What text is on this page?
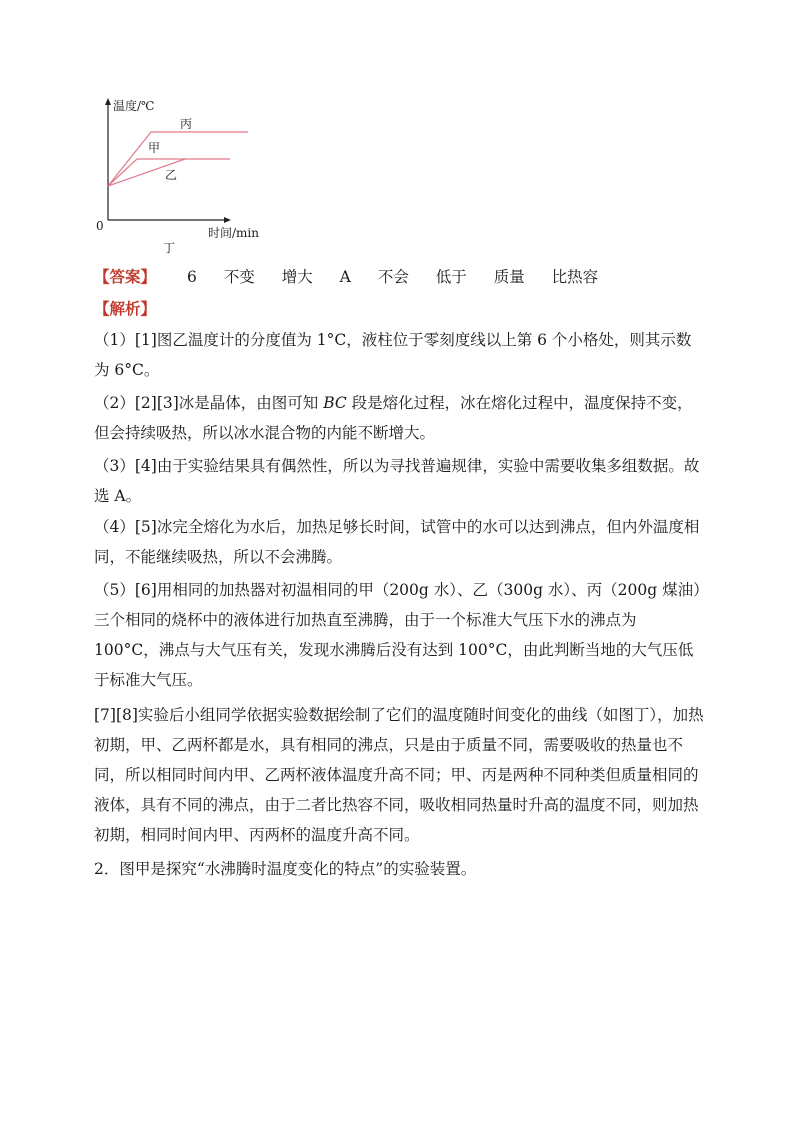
温度/℃
丙
甲
乙
0	时间/min
丁
【答案】 6 不变 增大 A 不会 低于 质量 比热容
【解析】

（1）[1]图乙温度计的分度值为 1°C，液柱位于零刻度线以上第 6 个小格处，则其示数为 6°C。

（2）[2][3]冰是晶体，由图可知 BC 段是熔化过程，冰在熔化过程中，温度保持不变，但会持续吸热，所以冰水混合物的内能不断增大。

（3）[4]由于实验结果具有偶然性，所以为寻找普遍规律，实验中需要收集多组数据。故选 A。

（4）[5]冰完全熔化为水后，加热足够长时间，试管中的水可以达到沸点，但内外温度相同，不能继续吸热，所以不会沸腾。

（5）[6]用相同的加热器对初温相同的甲（200g 水）、乙（300g 水）、丙（200g 煤油）三个相同的烧杯中的液体进行加热直至沸腾，由于一个标准大气压下水的沸点为 100°C，沸点与大气压有关，发现水沸腾后没有达到 100°C，由此判断当地的大气压低于标准大气压。

[7][8]实验后小组同学依据实验数据绘制了它们的温度随时间变化的曲线（如图丁），加热初期，甲、乙两杯都是水，具有相同的沸点，只是由于质量不同，需要吸收的热量也不同，所以相同时间内甲、乙两杯液体温度升高不同；甲、丙是两种不同种类但质量相同的液体，具有不同的沸点，由于二者比热容不同，吸收相同热量时升高的温度不同，则加热初期，相同时间内甲、丙两杯的温度升高不同。

2．图甲是探究“水沸腾时温度变化的特点”的实验装置。
